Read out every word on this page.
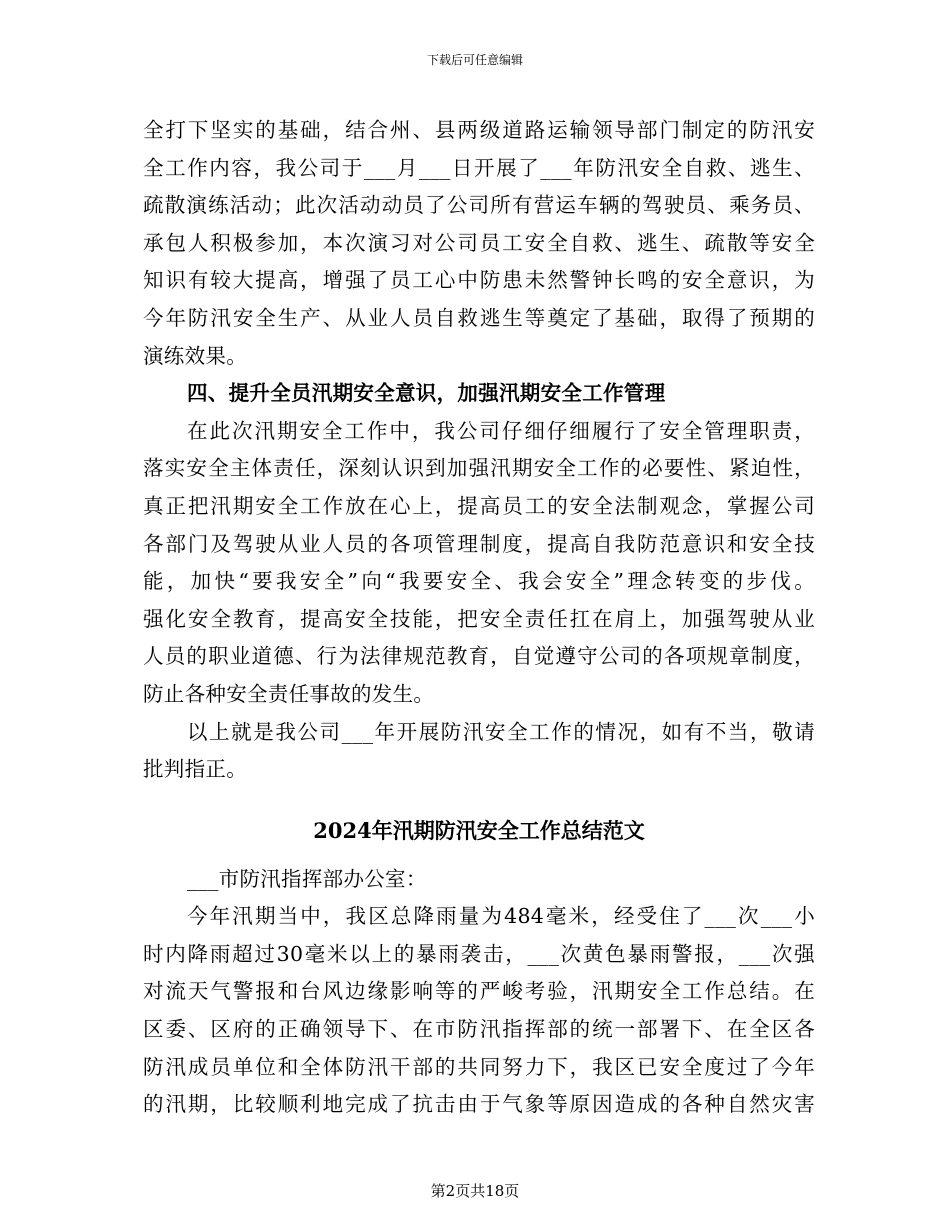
下载后可任意编辑
全打下坚实的基础，结合州、县两级道路运输领导部门制定的防汛安
全工作内容，我公司于___月___日开展了___年防汛安全自救、逃生、
疏散演练活动；此次活动动员了公司所有营运车辆的驾驶员、乘务员、
承包人积极参加，本次演习对公司员工安全自救、逃生、疏散等安全
知识有较大提高，增强了员工心中防患未然警钟长鸣的安全意识，为
今年防汛安全生产、从业人员自救逃生等奠定了基础，取得了预期的
演练效果。
四、提升全员汛期安全意识，加强汛期安全工作管理
在此次汛期安全工作中，我公司仔细仔细履行了安全管理职责，
落实安全主体责任，深刻认识到加强汛期安全工作的必要性、紧迫性，
真正把汛期安全工作放在心上，提高员工的安全法制观念，掌握公司
各部门及驾驶从业人员的各项管理制度，提高自我防范意识和安全技
能，加快“要我安全”向“我要安全、我会安全”理念转变的步伐。
强化安全教育，提高安全技能，把安全责任扛在肩上，加强驾驶从业
人员的职业道德、行为法律规范教育，自觉遵守公司的各项规章制度，
防止各种安全责任事故的发生。
以上就是我公司___年开展防汛安全工作的情况，如有不当，敬请
批判指正。
2024年汛期防汛安全工作总结范文
___市防汛指挥部办公室：
今年汛期当中，我区总降雨量为484毫米，经受住了___次___小
时内降雨超过30毫米以上的暴雨袭击，___次黄色暴雨警报，___次强
对流天气警报和台风边缘影响等的严峻考验，汛期安全工作总结。在
区委、区府的正确领导下、在市防汛指挥部的统一部署下、在全区各
防汛成员单位和全体防汛干部的共同努力下，我区已安全度过了今年
的汛期，比较顺利地完成了抗击由于气象等原因造成的各种自然灾害
第2页共18页
